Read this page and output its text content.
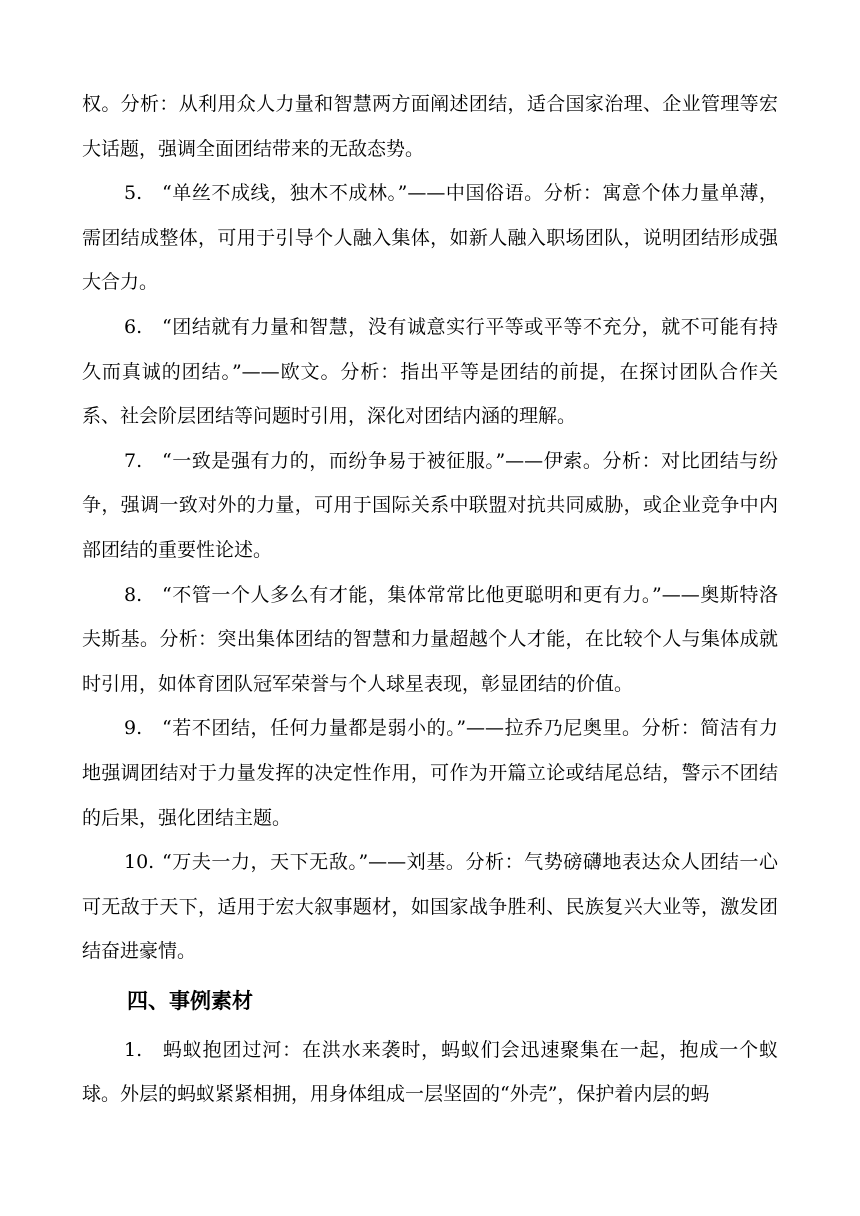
权。分析：从利用众人力量和智慧两方面阐述团结，适合国家治理、企业管理等宏大话题，强调全面团结带来的无敌态势。

5. “单丝不成线，独木不成林。”——中国俗语。分析：寓意个体力量单薄，需团结成整体，可用于引导个人融入集体，如新人融入职场团队，说明团结形成强大合力。

6. “团结就有力量和智慧，没有诚意实行平等或平等不充分，就不可能有持久而真诚的团结。”——欧文。分析：指出平等是团结的前提，在探讨团队合作关系、社会阶层团结等问题时引用，深化对团结内涵的理解。

7. “一致是强有力的，而纷争易于被征服。”——伊索。分析：对比团结与纷争，强调一致对外的力量，可用于国际关系中联盟对抗共同威胁，或企业竞争中内部团结的重要性论述。

8. “不管一个人多么有才能，集体常常比他更聪明和更有力。”——奥斯特洛夫斯基。分析：突出集体团结的智慧和力量超越个人才能，在比较个人与集体成就时引用，如体育团队冠军荣誉与个人球星表现，彰显团结的价值。

9. “若不团结，任何力量都是弱小的。”——拉乔乃尼奥里。分析：简洁有力地强调团结对于力量发挥的决定性作用，可作为开篇立论或结尾总结，警示不团结的后果，强化团结主题。

10. “万夫一力，天下无敌。”——刘基。分析：气势磅礴地表达众人团结一心可无敌于天下，适用于宏大叙事题材，如国家战争胜利、民族复兴大业等，激发团结奋进豪情。

四、事例素材

1. 蚂蚁抱团过河：在洪水来袭时，蚂蚁们会迅速聚集在一起，抱成一个蚁球。外层的蚂蚁紧紧相拥，用身体组成一层坚固的“外壳”，保护着内层的蚂
